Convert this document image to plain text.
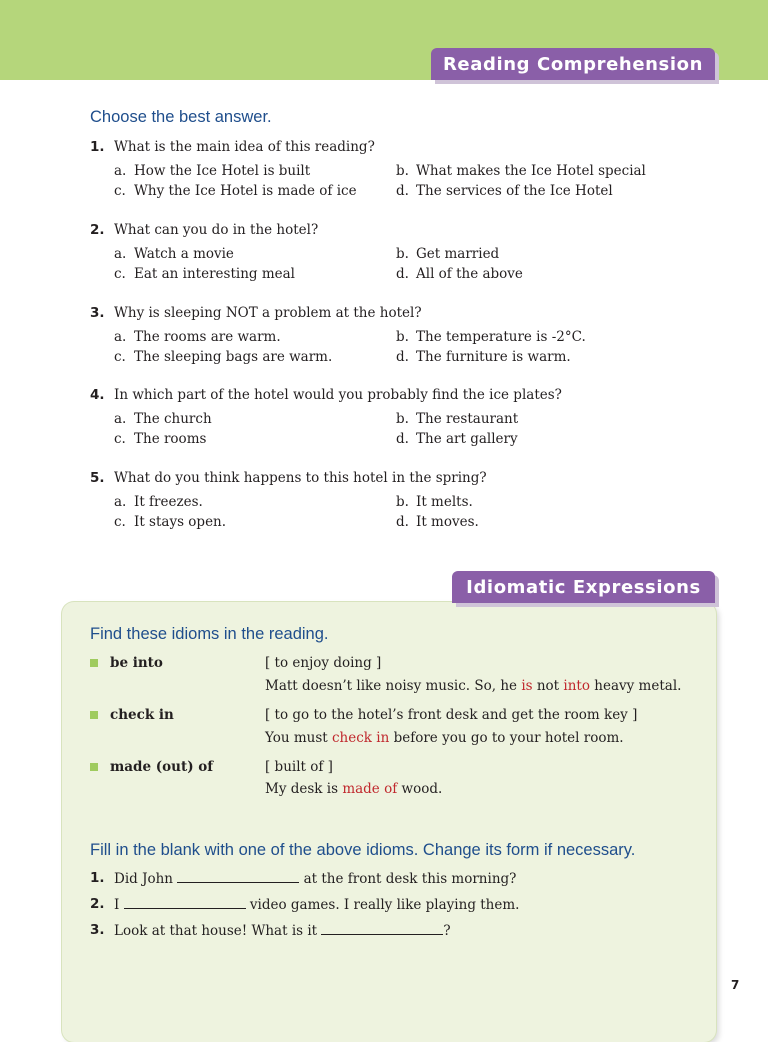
Reading Comprehension
Choose the best answer.
1. What is the main idea of this reading?
a. How the Ice Hotel is built	b. What makes the Ice Hotel special
c. Why the Ice Hotel is made of ice	d. The services of the Ice Hotel
2. What can you do in the hotel?
a. Watch a movie	b. Get married
c. Eat an interesting meal	d. All of the above
3. Why is sleeping NOT a problem at the hotel?
a. The rooms are warm.	b. The temperature is -2°C.
c. The sleeping bags are warm.	d. The furniture is warm.
4. In which part of the hotel would you probably find the ice plates?
a. The church	b. The restaurant
c. The rooms	d. The art gallery
5. What do you think happens to this hotel in the spring?
a. It freezes.	b. It melts.
c. It stays open.	d. It moves.
Idiomatic Expressions
Find these idioms in the reading.
be into	[ to enjoy doing ]
Matt doesn’t like noisy music. So, he is not into heavy metal.
check in	[ to go to the hotel’s front desk and get the room key ]
You must check in before you go to your hotel room.
made (out) of	[ built of ]
My desk is made of wood.
Fill in the blank with one of the above idioms. Change its form if necessary.
1. Did John	at the front desk this morning?
2. I	video games. I really like playing them.
3. Look at that house! What is it	?
7
